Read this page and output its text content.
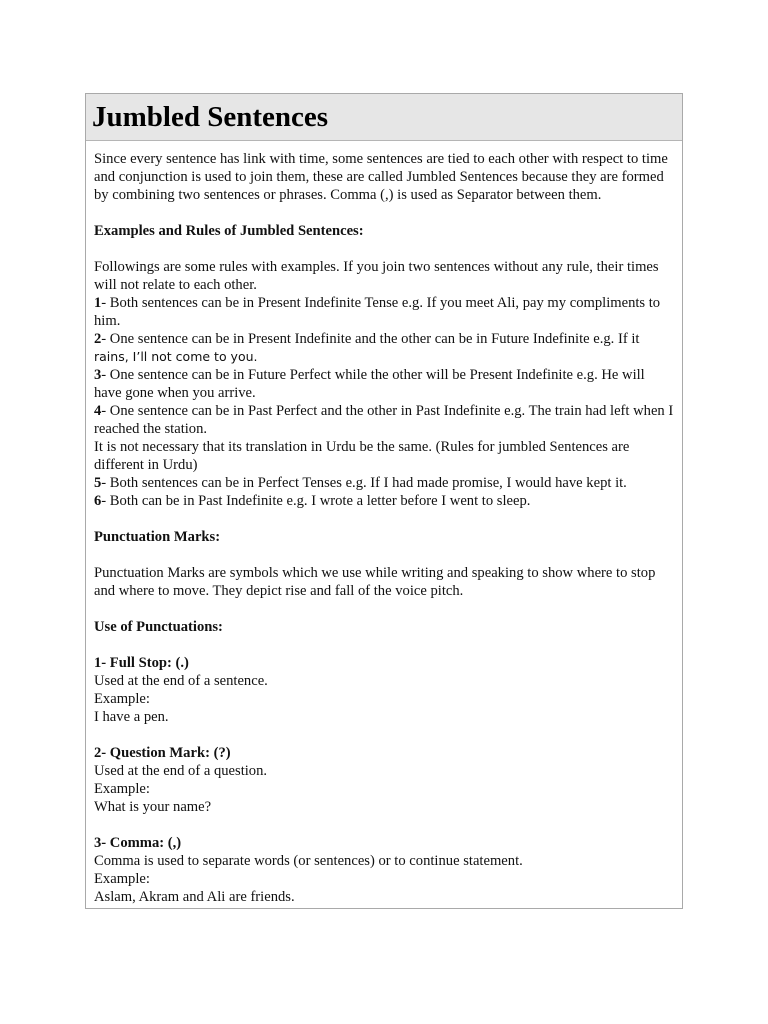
Jumbled Sentences

Since every sentence has link with time, some sentences are tied to each other with respect to time and conjunction is used to join them, these are called Jumbled Sentences because they are formed by combining two sentences or phrases. Comma (,) is used as Separator between them.

Examples and Rules of Jumbled Sentences:

Followings are some rules with examples. If you join two sentences without any rule, their times will not relate to each other.

1- Both sentences can be in Present Indefinite Tense e.g. If you meet Ali, pay my compliments to him.

2- One sentence can be in Present Indefinite and the other can be in Future Indefinite e.g. If it rains, I’ll not come to you.

3- One sentence can be in Future Perfect while the other will be Present Indefinite e.g. He will have gone when you arrive.

4- One sentence can be in Past Perfect and the other in Past Indefinite e.g. The train had left when I reached the station.

It is not necessary that its translation in Urdu be the same. (Rules for jumbled Sentences are different in Urdu)

5- Both sentences can be in Perfect Tenses e.g. If I had made promise, I would have kept it.

6- Both can be in Past Indefinite e.g. I wrote a letter before I went to sleep.

Punctuation Marks:

Punctuation Marks are symbols which we use while writing and speaking to show where to stop and where to move. They depict rise and fall of the voice pitch.

Use of Punctuations:

1- Full Stop: (.)

Used at the end of a sentence.

Example:

I have a pen.

2- Question Mark: (?)

Used at the end of a question.

Example:

What is your name?

3- Comma: (,)

Comma is used to separate words (or sentences) or to continue statement.

Example:

Aslam, Akram and Ali are friends.
